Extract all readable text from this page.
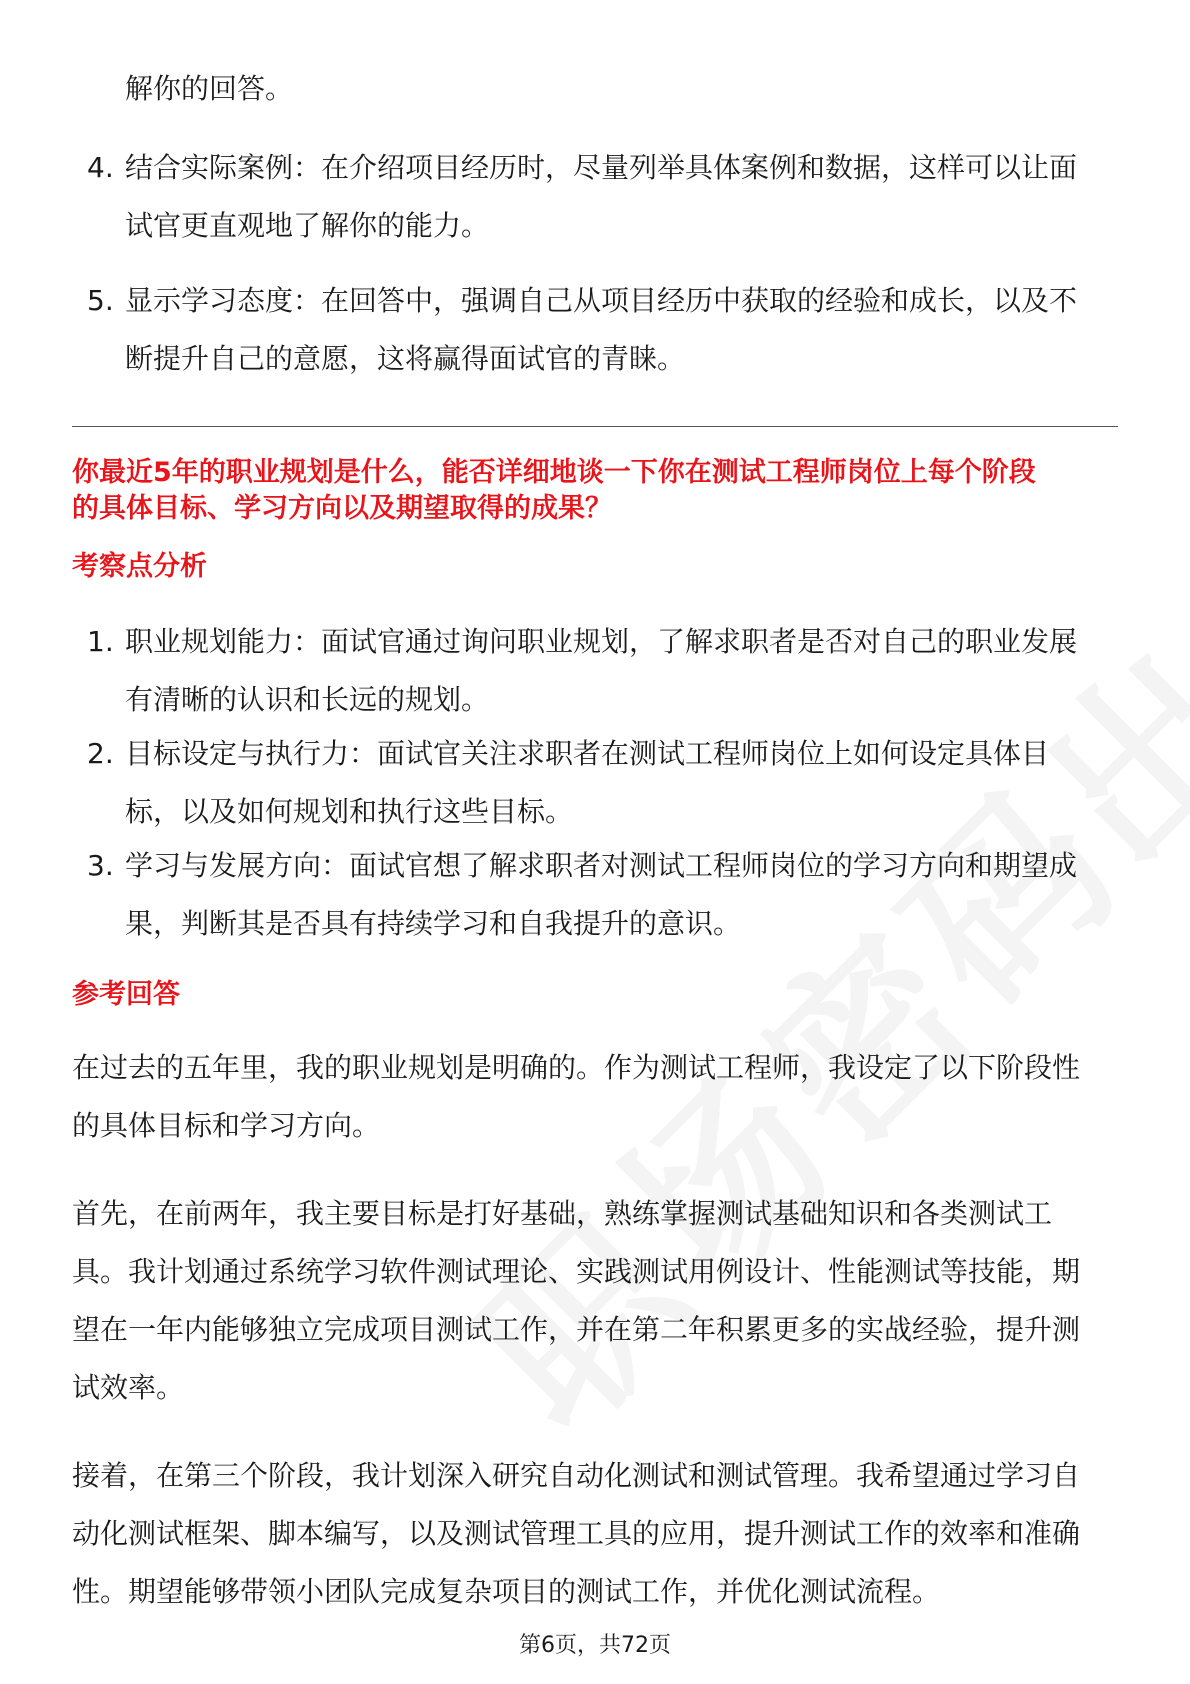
解你的回答。
4. 结合实际案例：在介绍项目经历时，尽量列举具体案例和数据，这样可以让面
试官更直观地了解你的能力。
5. 显示学习态度：在回答中，强调自己从项目经历中获取的经验和成长，以及不
断提升自己的意愿，这将赢得面试官的青睐。
你最近5年的职业规划是什么，能否详细地谈一下你在测试工程师岗位上每个阶段
的具体目标、学习方向以及期望取得的成果？
考察点分析
1. 职业规划能力：面试官通过询问职业规划，了解求职者是否对自己的职业发展
有清晰的认识和长远的规划。
2. 目标设定与执行力：面试官关注求职者在测试工程师岗位上如何设定具体目
标，以及如何规划和执行这些目标。
3. 学习与发展方向：面试官想了解求职者对测试工程师岗位的学习方向和期望成
果，判断其是否具有持续学习和自我提升的意识。
参考回答
在过去的五年里，我的职业规划是明确的。作为测试工程师，我设定了以下阶段性
的具体目标和学习方向。
首先，在前两年，我主要目标是打好基础，熟练掌握测试基础知识和各类测试工
具。我计划通过系统学习软件测试理论、实践测试用例设计、性能测试等技能，期
望在一年内能够独立完成项目测试工作，并在第二年积累更多的实战经验，提升测
试效率。
接着，在第三个阶段，我计划深入研究自动化测试和测试管理。我希望通过学习自
动化测试框架、脚本编写，以及测试管理工具的应用，提升测试工作的效率和准确
性。期望能够带领小团队完成复杂项目的测试工作，并优化测试流程。
第6页，共72页
